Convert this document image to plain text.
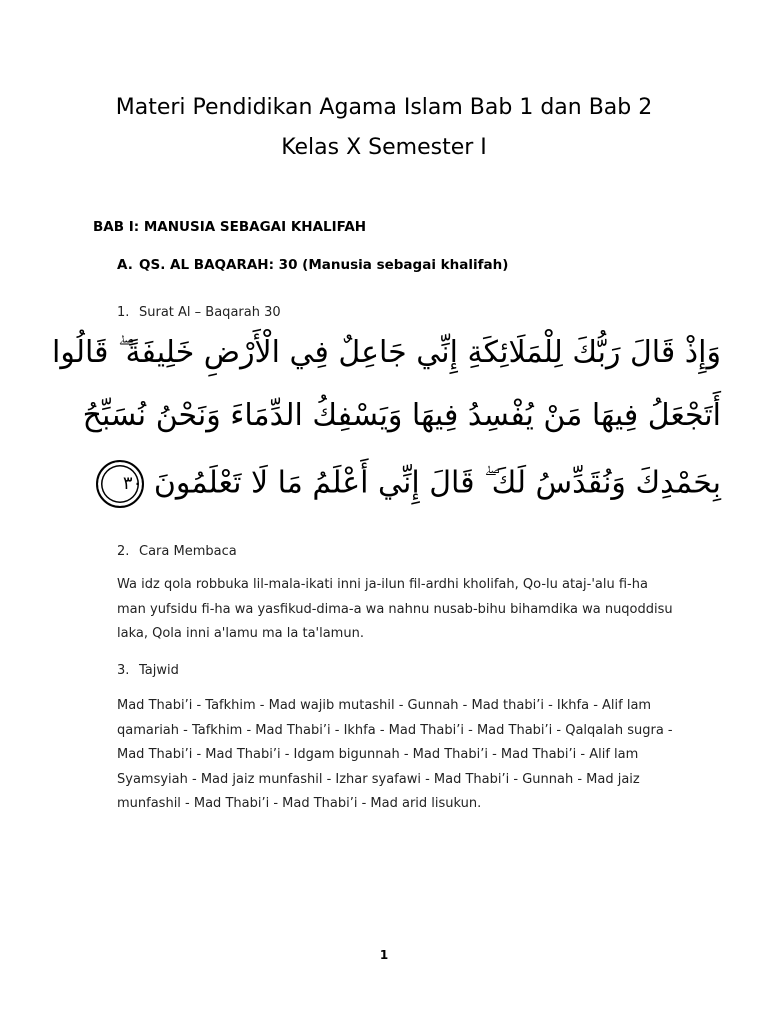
Materi Pendidikan Agama Islam Bab 1 dan Bab 2
Kelas X Semester I
BAB I: MANUSIA SEBAGAI KHALIFAH
A. QS. AL BAQARAH: 30 (Manusia sebagai khalifah)
1. Surat Al – Baqarah 30
وَإِذْ قَالَ رَبُّكَ لِلْمَلَائِكَةِ إِنِّي جَاعِلٌ فِي الْأَرْضِ خَلِيفَةً ۖ قَالُوا
أَتَجْعَلُ فِيهَا مَنْ يُفْسِدُ فِيهَا وَيَسْفِكُ الدِّمَاءَ وَنَحْنُ نُسَبِّحُ
بِحَمْدِكَ وَنُقَدِّسُ لَكَ ۖ قَالَ إِنِّي أَعْلَمُ مَا لَا تَعْلَمُونَ ٣٠
2. Cara Membaca
Wa idz qola robbuka lil-mala-ikati inni ja-ilun fil-ardhi kholifah, Qo-lu ataj-'alu fi-ha man yufsidu fi-ha wa yasfikud-dima-a wa nahnu nusab-bihu bihamdika wa nuqoddisu laka, Qola inni a'lamu ma la ta'lamun.
3. Tajwid
Mad Thabi’i - Tafkhim - Mad wajib mutashil - Gunnah - Mad thabi’i - Ikhfa - Alif lam qamariah - Tafkhim - Mad Thabi’i - Ikhfa - Mad Thabi’i - Mad Thabi’i - Qalqalah sugra - Mad Thabi’i - Mad Thabi’i - Idgam bigunnah - Mad Thabi’i - Mad Thabi’i - Alif lam Syamsyiah - Mad jaiz munfashil - Izhar syafawi - Mad Thabi’i - Gunnah - Mad jaiz munfashil - Mad Thabi’i - Mad Thabi’i - Mad arid lisukun.
1
